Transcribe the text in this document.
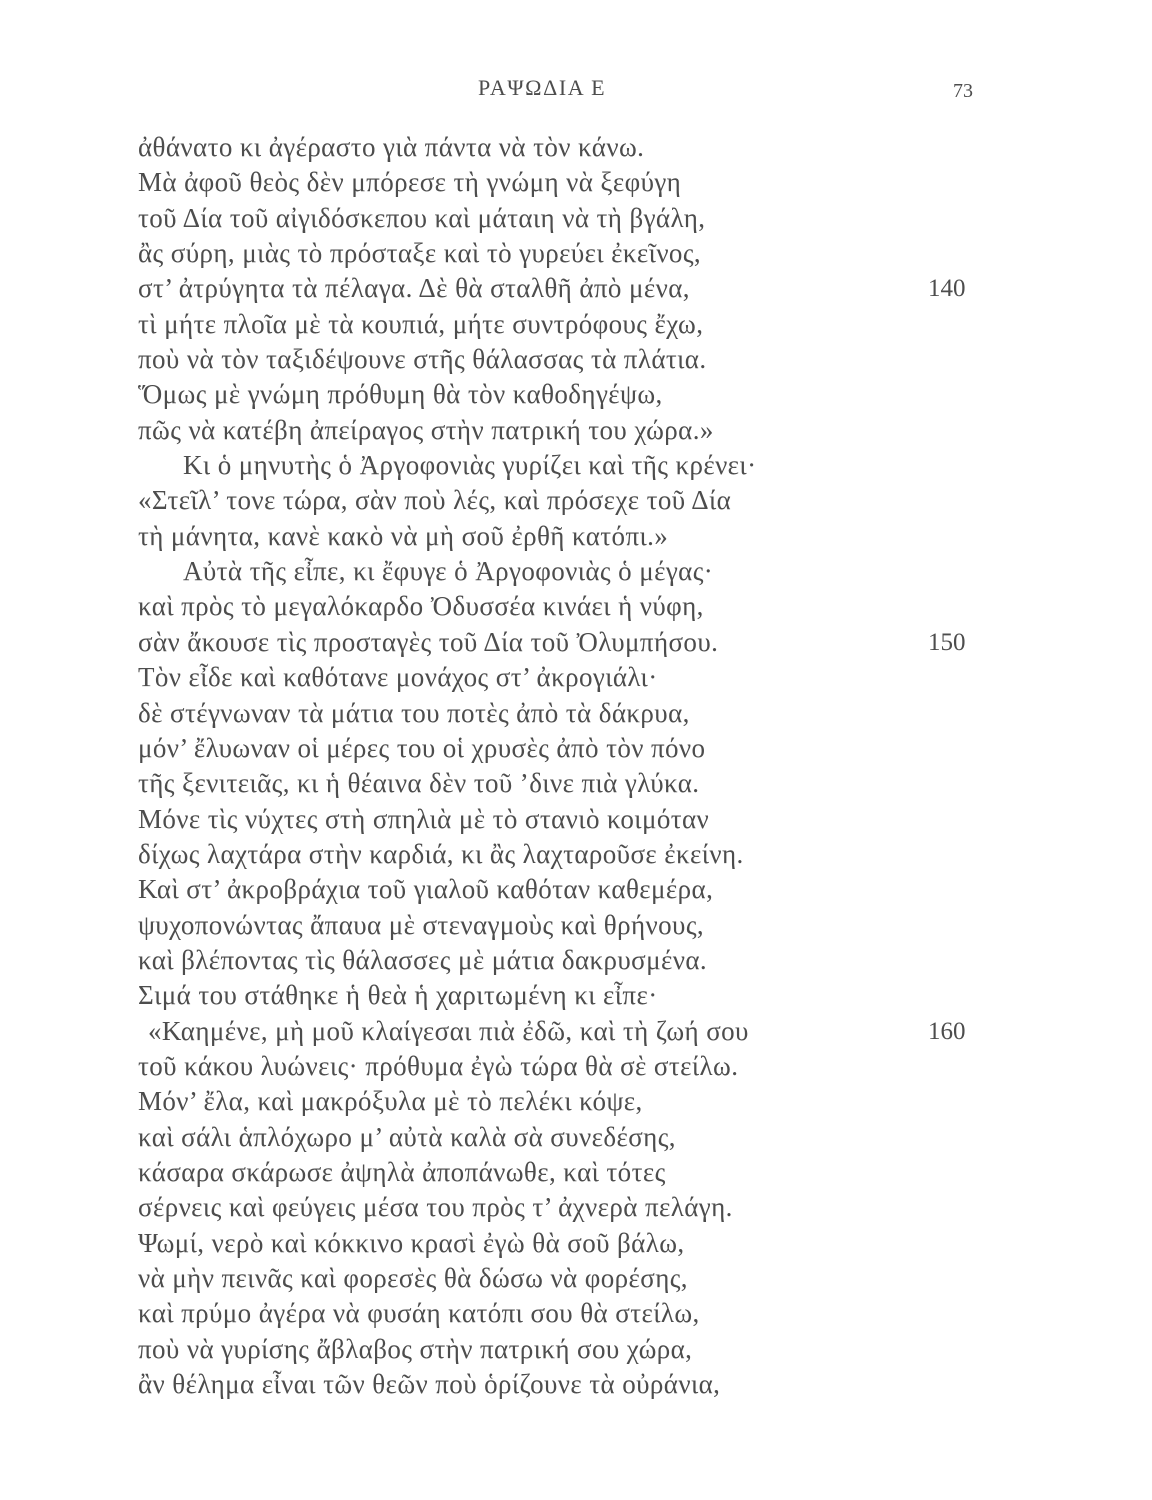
ΡΑΨΩΔΙΑ Ε	73
ἀθάνατο κι ἀγέραστο γιὰ πάντα νὰ τὸν κάνω.
Μὰ ἀφοῦ θεὸς δὲν μπόρεσε τὴ γνώμη νὰ ξεφύγη
τοῦ Δία τοῦ αἰγιδόσκεπου καὶ μάταιη νὰ τὴ βγάλη,
ἂς σύρη, μιὰς τὸ πρόσταξε καὶ τὸ γυρεύει ἐκεῖνος,
στ’ ἀτρύγητα τὰ πέλαγα. Δὲ θὰ σταλθῆ ἀπὸ μένα,
τὶ μήτε πλοῖα μὲ τὰ κουπιά, μήτε συντρόφους ἔχω,
ποὺ νὰ τὸν ταξιδέψουνε στῆς θάλασσας τὰ πλάτια.
Ὅμως μὲ γνώμη πρόθυμη θὰ τὸν καθοδηγέψω,
πῶς νὰ κατέβη ἀπείραγος στὴν πατρική του χώρα.»
Κι ὁ μηνυτὴς ὁ Ἀργοφονιὰς γυρίζει καὶ τῆς κρένει·
«Στεῖλ’ τονε τώρα, σὰν ποὺ λές, καὶ πρόσεχε τοῦ Δία
τὴ μάνητα, κανὲ κακὸ νὰ μὴ σοῦ ἐρθῆ κατόπι.»
Αὐτὰ τῆς εἶπε, κι ἔφυγε ὁ Ἀργοφονιὰς ὁ μέγας·
καὶ πρὸς τὸ μεγαλόκαρδο Ὀδυσσέα κινάει ἡ νύφη,
σὰν ἄκουσε τὶς προσταγὲς τοῦ Δία τοῦ Ὀλυμπήσου.
Τὸν εἶδε καὶ καθότανε μονάχος στ’ ἀκρογιάλι·
δὲ στέγνωναν τὰ μάτια του ποτὲς ἀπὸ τὰ δάκρυα,
μόν’ ἔλυωναν οἱ μέρες του οἱ χρυσὲς ἀπὸ τὸν πόνο
τῆς ξενιτειᾶς, κι ἡ θέαινα δὲν τοῦ ’δινε πιὰ γλύκα.
Μόνε τὶς νύχτες στὴ σπηλιὰ μὲ τὸ στανιὸ κοιμόταν
δίχως λαχτάρα στὴν καρδιά, κι ἂς λαχταροῦσε ἐκείνη.
Καὶ στ’ ἀκροβράχια τοῦ γιαλοῦ καθόταν καθεμέρα,
ψυχοπονώντας ἄπαυα μὲ στεναγμοὺς καὶ θρήνους,
καὶ βλέποντας τὶς θάλασσες μὲ μάτια δακρυσμένα.
Σιμά του στάθηκε ἡ θεὰ ἡ χαριτωμένη κι εἶπε·
«Καημένε, μὴ μοῦ κλαίγεσαι πιὰ ἐδῶ, καὶ τὴ ζωή σου
τοῦ κάκου λυώνεις· πρόθυμα ἐγὼ τώρα θὰ σὲ στείλω.
Μόν’ ἔλα, καὶ μακρόξυλα μὲ τὸ πελέκι κόψε,
καὶ σάλι ἁπλόχωρο μ’ αὐτὰ καλὰ σὰ συνεδέσης,
κάσαρα σκάρωσε ἀψηλὰ ἀποπάνωθε, καὶ τότες
σέρνεις καὶ φεύγεις μέσα του πρὸς τ’ ἀχνερὰ πελάγη.
Ψωμί, νερὸ καὶ κόκκινο κρασὶ ἐγὼ θὰ σοῦ βάλω,
νὰ μὴν πεινᾶς καὶ φορεσὲς θὰ δώσω νὰ φορέσης,
καὶ πρύμο ἀγέρα νὰ φυσάη κατόπι σου θὰ στείλω,
ποὺ νὰ γυρίσης ἄβλαβος στὴν πατρική σου χώρα,
ἂν θέλημα εἶναι τῶν θεῶν ποὺ ὁρίζουνε τὰ οὐράνια,
140
150
160
